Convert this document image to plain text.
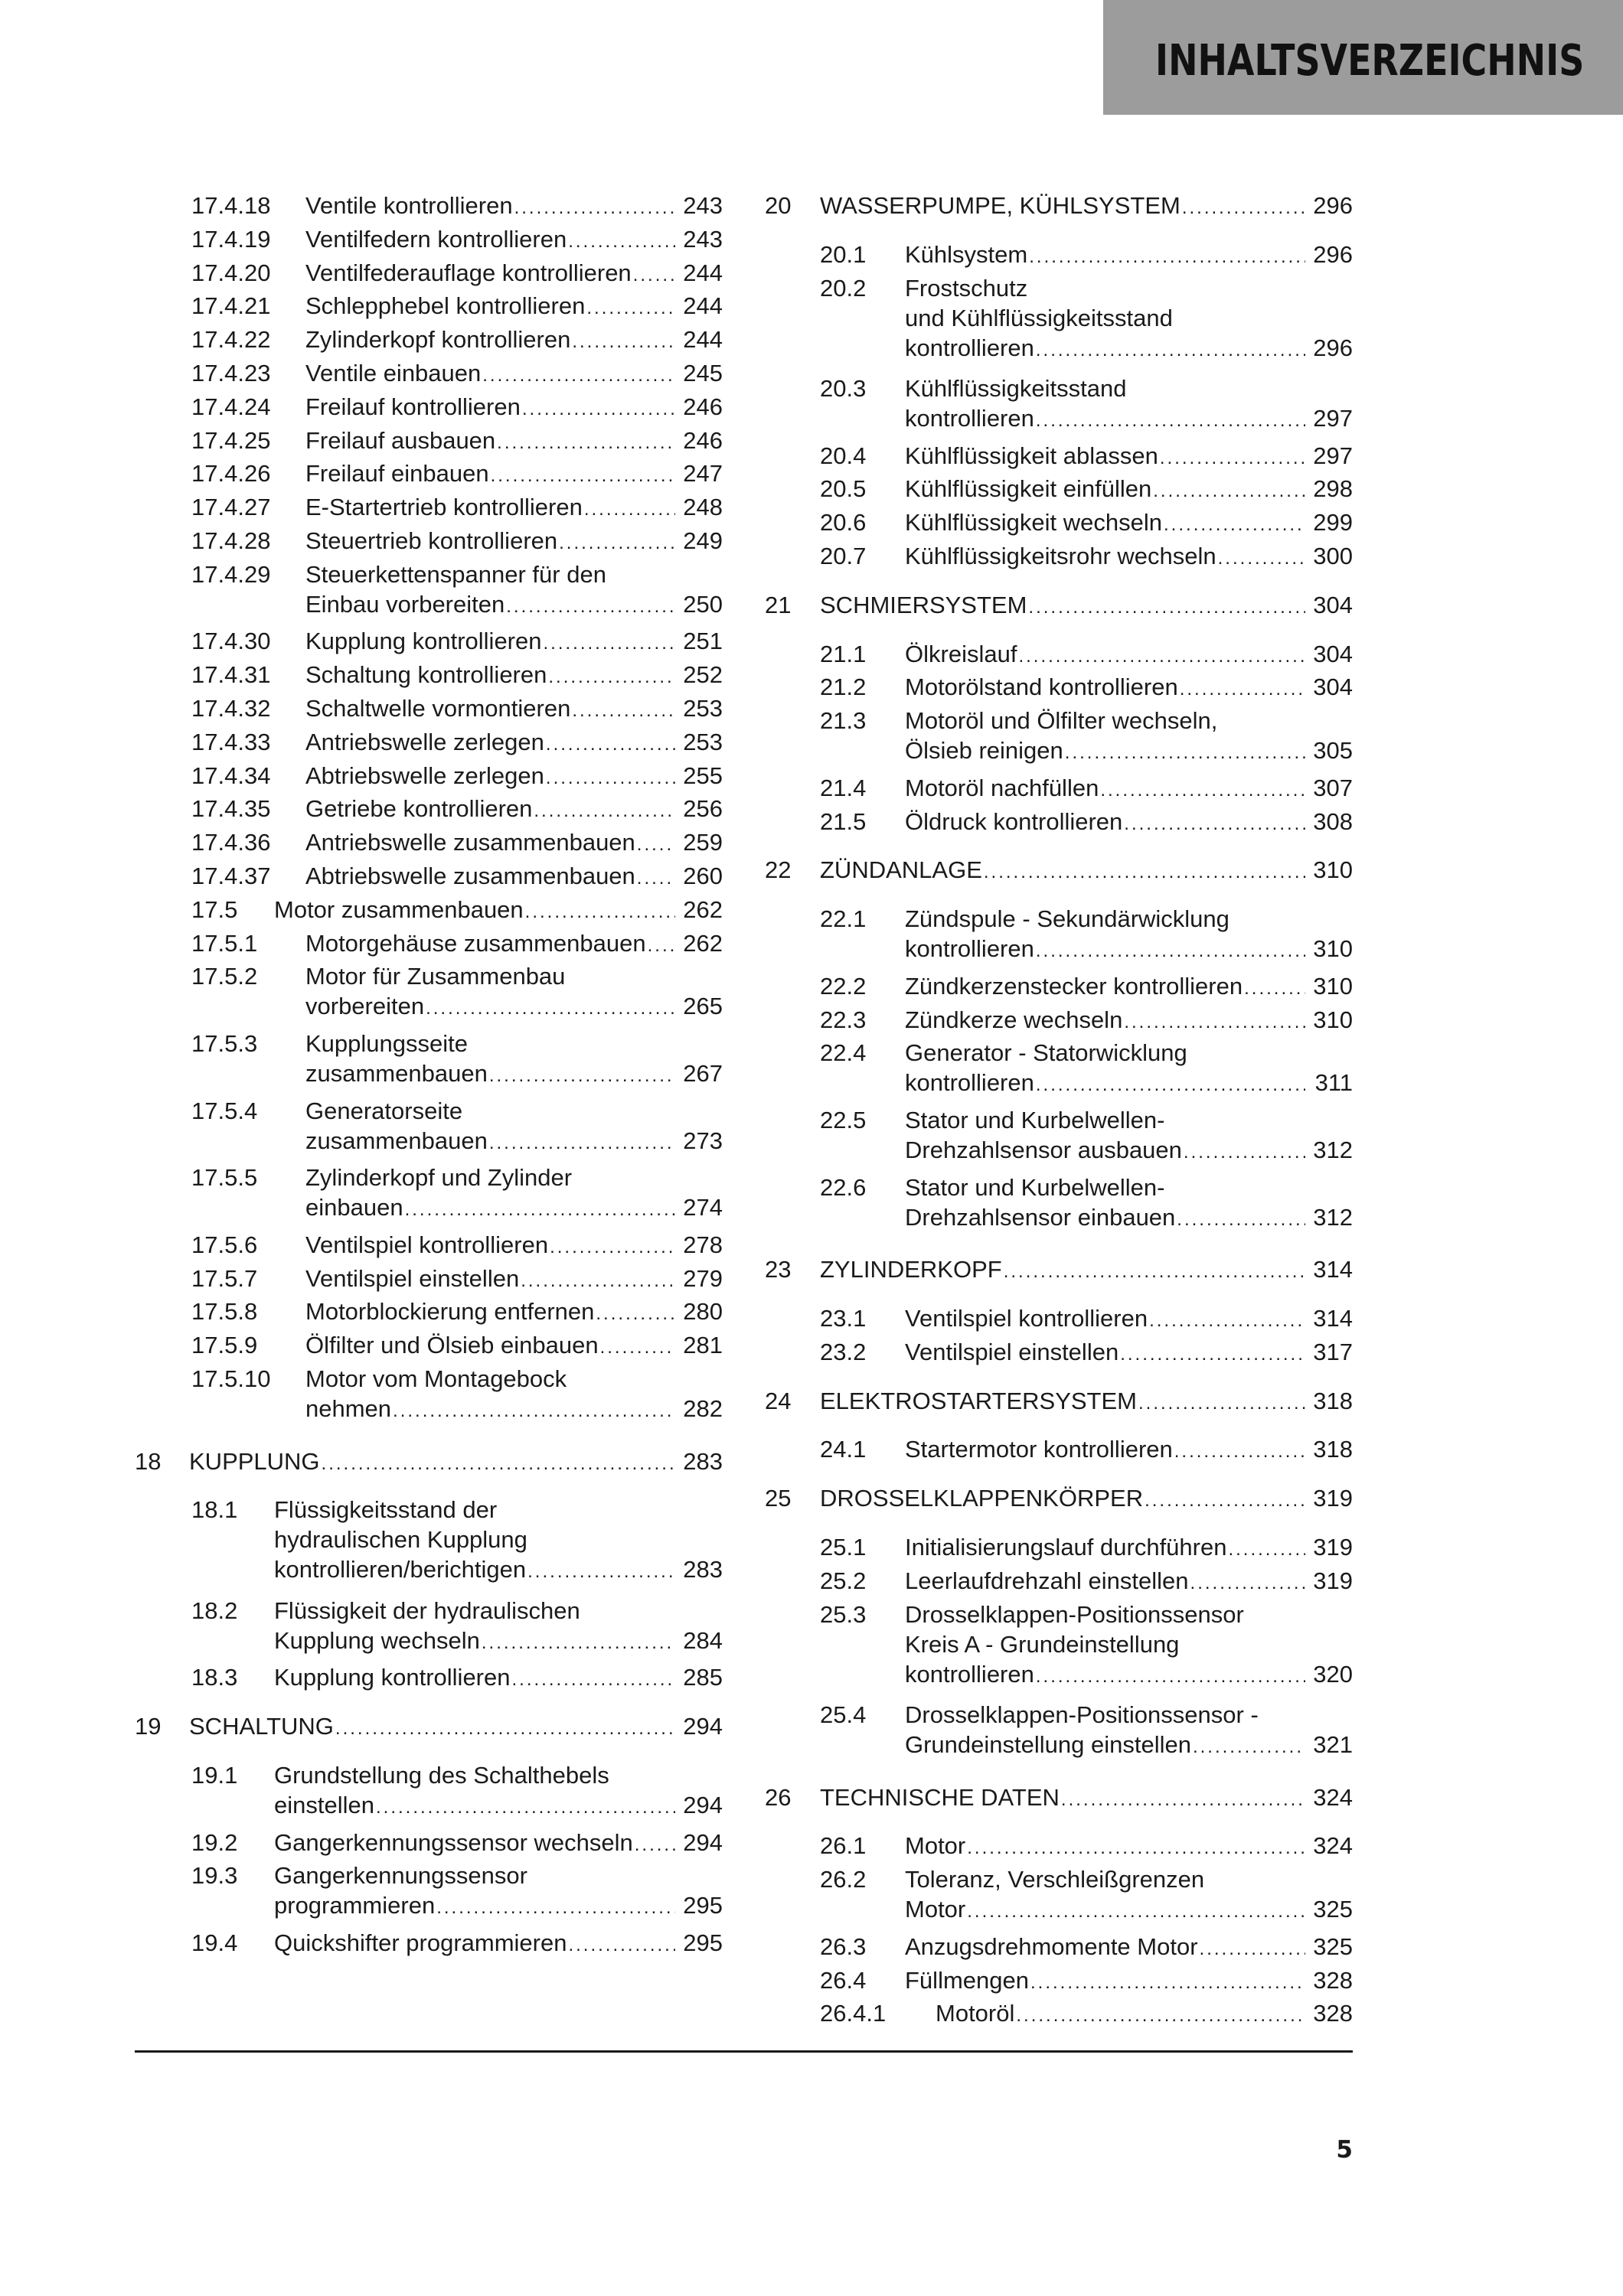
INHALTSVERZEICHNIS
17.4.18 Ventile kontrollieren .....	243
17.4.19 Ventilfedern kontrollieren .....	243
17.4.20 Ventilfederauflage kontrollieren ..... 244
17.4.21 Schlepphebel kontrollieren .....	244
17.4.22 Zylinderkopf kontrollieren .....	244
17.4.23 Ventile einbauen .....	245
17.4.24 Freilauf kontrollieren .....	246
17.4.25 Freilauf ausbauen .....	246
17.4.26 Freilauf einbauen .....	247
17.4.27 E-Startertrieb kontrollieren .....	248
17.4.28 Steuertrieb kontrollieren .....	249
17.4.29 Steuerkettenspanner für den
Einbau vorbereiten .....	250
17.4.30 Kupplung kontrollieren .....	251
17.4.31 Schaltung kontrollieren .....	252
17.4.32 Schaltwelle vormontieren .....	253
17.4.33 Antriebswelle zerlegen .....	253
17.4.34 Abtriebswelle zerlegen .....	255
17.4.35 Getriebe kontrollieren .....	256
17.4.36 Antriebswelle zusammenbauen ..... 259
17.4.37 Abtriebswelle zusammenbauen ..... 260
17.5 Motor zusammenbauen .....	262
17.5.1 Motorgehäuse zusammenbauen ..... 262
17.5.2 Motor für Zusammenbau
vorbereiten .....	265
17.5.3 Kupplungsseite
zusammenbauen .....	267
17.5.4 Generatorseite
zusammenbauen .....	273
17.5.5 Zylinderkopf und Zylinder
einbauen .....	274
17.5.6 Ventilspiel kontrollieren .....	278
17.5.7 Ventilspiel einstellen .....	279
17.5.8 Motorblockierung entfernen .....	280
17.5.9 Ölfilter und Ölsieb einbauen .....	281
17.5.10 Motor vom Montagebock
nehmen .....	282
18 KUPPLUNG .....	283
18.1 Flüssigkeitsstand der
hydraulischen Kupplung
kontrollieren/berichtigen .....	283
18.2 Flüssigkeit der hydraulischen
Kupplung wechseln .....	284
18.3 Kupplung kontrollieren .....	285
19 SCHALTUNG .....	294
19.1 Grundstellung des Schalthebels
einstellen .....	294
19.2 Gangerkennungssensor wechseln ..... 294
19.3 Gangerkennungssensor
programmieren .....	295
19.4 Quickshifter programmieren .....	295
20 WASSERPUMPE, KÜHLSYSTEM .....	296
20.1 Kühlsystem .....	296
20.2 Frostschutz
und Kühlflüssigkeitsstand
kontrollieren .....	296
20.3 Kühlflüssigkeitsstand
kontrollieren .....	297
20.4 Kühlflüssigkeit ablassen .....	297
20.5 Kühlflüssigkeit einfüllen .....	298
20.6 Kühlflüssigkeit wechseln .....	299
20.7 Kühlflüssigkeitsrohr wechseln .....	300
21 SCHMIERSYSTEM .....	304
21.1 Ölkreislauf .....	304
21.2 Motorölstand kontrollieren .....	304
21.3 Motoröl und Ölfilter wechseln,
Ölsieb reinigen .....	305
21.4 Motoröl nachfüllen .....	307
21.5 Öldruck kontrollieren .....	308
22 ZÜNDANLAGE .....	310
22.1 Zündspule - Sekundärwicklung
kontrollieren .....	310
22.2 Zündkerzenstecker kontrollieren .....	310
22.3 Zündkerze wechseln .....	310
22.4 Generator - Statorwicklung
kontrollieren .....	311
22.5 Stator und Kurbelwellen-
Drehzahlsensor ausbauen .....	312
22.6 Stator und Kurbelwellen-
Drehzahlsensor einbauen .....	312
23 ZYLINDERKOPF .....	314
23.1 Ventilspiel kontrollieren .....	314
23.2 Ventilspiel einstellen .....	317
24 ELEKTROSTARTERSYSTEM .....	318
24.1 Startermotor kontrollieren .....	318
25 DROSSELKLAPPENKÖRPER .....	319
25.1 Initialisierungslauf durchführen .....	319
25.2 Leerlaufdrehzahl einstellen .....	319
25.3 Drosselklappen-Positionssensor
Kreis A - Grundeinstellung
kontrollieren .....	320
25.4 Drosselklappen-Positionssensor -
Grundeinstellung einstellen .....	321
26 TECHNISCHE DATEN .....	324
26.1 Motor .....	324
26.2 Toleranz, Verschleißgrenzen
Motor .....	325
26.3 Anzugsdrehmomente Motor .....	325
26.4 Füllmengen .....	328
26.4.1 Motoröl .....	328
5
